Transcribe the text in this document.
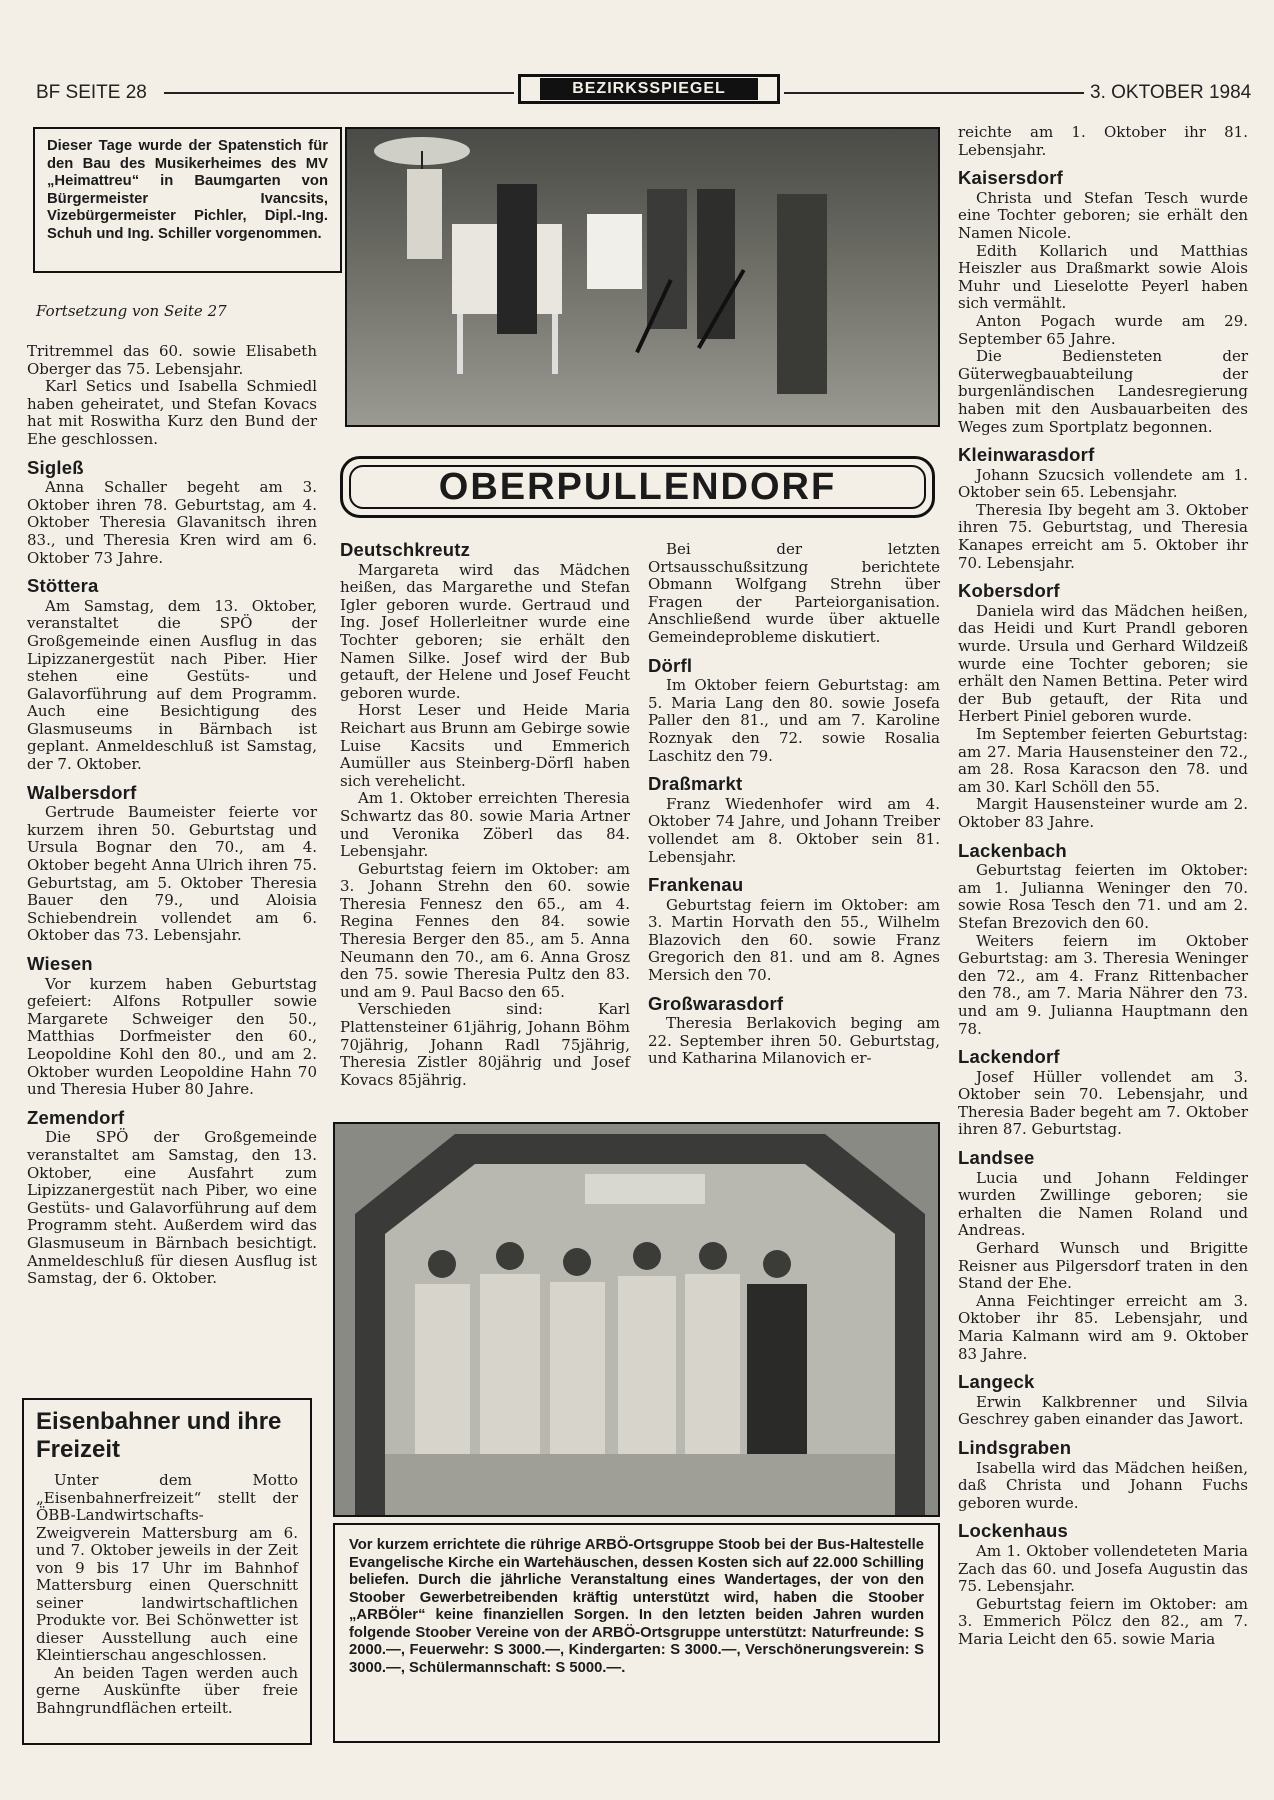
BF SEITE 28	BEZIRKSSPIEGEL	3. OKTOBER 1984
Dieser Tage wurde der Spatenstich für den Bau des Musikerheimes des MV „Heimattreu“ in Baumgarten von Bürgermeister Ivancsits, Vizebürgermeister Pichler, Dipl.-Ing. Schuh und Ing. Schiller vorgenommen.
Fortsetzung von Seite 27

Tritremmel das 60. sowie Elisabeth Oberger das 75. Lebensjahr.

Karl Setics und Isabella Schmiedl haben geheiratet, und Stefan Kovacs hat mit Roswitha Kurz den Bund der Ehe geschlossen.

Sigleß

Anna Schaller begeht am 3. Oktober ihren 78. Geburtstag, am 4. Oktober Theresia Glavanitsch ihren 83., und Theresia Kren wird am 6. Oktober 73 Jahre.

Stöttera

Am Samstag, dem 13. Oktober, veranstaltet die SPÖ der Großgemeinde einen Ausflug in das Lipizzanergestüt nach Piber. Hier stehen eine Gestüts- und Galavorführung auf dem Programm. Auch eine Besichtigung des Glasmuseums in Bärnbach ist geplant. Anmeldeschluß ist Samstag, der 7. Oktober.

Walbersdorf

Gertrude Baumeister feierte vor kurzem ihren 50. Geburtstag und Ursula Bognar den 70., am 4. Oktober begeht Anna Ulrich ihren 75. Geburtstag, am 5. Oktober Theresia Bauer den 79., und Aloisia Schiebendrein vollendet am 6. Oktober das 73. Lebensjahr.

Wiesen

Vor kurzem haben Geburtstag gefeiert: Alfons Rotpuller sowie Margarete Schweiger den 50., Matthias Dorfmeister den 60., Leopoldine Kohl den 80., und am 2. Oktober wurden Leopoldine Hahn 70 und Theresia Huber 80 Jahre.

Zemendorf

Die SPÖ der Großgemeinde veranstaltet am Samstag, den 13. Oktober, eine Ausfahrt zum Lipizzanergestüt nach Piber, wo eine Gestüts- und Galavorführung auf dem Programm steht. Außerdem wird das Glasmuseum in Bärnbach besichtigt. Anmeldeschluß für diesen Ausflug ist Samstag, der 6. Oktober.

Eisenbahner und ihre Freizeit

Unter dem Motto „Eisenbahnerfreizeit“ stellt der ÖBB-Landwirtschafts-Zweigverein Mattersburg am 6. und 7. Oktober jeweils in der Zeit von 9 bis 17 Uhr im Bahnhof Mattersburg einen Querschnitt seiner landwirtschaftlichen Produkte vor. Bei Schönwetter ist dieser Ausstellung auch eine Kleintierschau angeschlossen.

An beiden Tagen werden auch gerne Auskünfte über freie Bahngrundflächen erteilt.

OBERPULLENDORF
Deutschkreutz

Margareta wird das Mädchen heißen, das Margarethe und Stefan Igler geboren wurde. Gertraud und Ing. Josef Hollerleitner wurde eine Tochter geboren; sie erhält den Namen Silke. Josef wird der Bub getauft, der Helene und Josef Feucht geboren wurde.

Horst Leser und Heide Maria Reichart aus Brunn am Gebirge sowie Luise Kacsits und Emmerich Aumüller aus Steinberg-Dörfl haben sich verehelicht.

Am 1. Oktober erreichten Theresia Schwartz das 80. sowie Maria Artner und Veronika Zöberl das 84. Lebensjahr.

Geburtstag feiern im Oktober: am 3. Johann Strehn den 60. sowie Theresia Fennesz den 65., am 4. Regina Fennes den 84. sowie Theresia Berger den 85., am 5. Anna Neumann den 70., am 6. Anna Grosz den 75. sowie Theresia Pultz den 83. und am 9. Paul Bacso den 65.

Verschieden sind: Karl Plattensteiner 61jährig, Johann Böhm 70jährig, Johann Radl 75jährig, Theresia Zistler 80jährig und Josef Kovacs 85jährig.

Bei der letzten Ortsausschußsitzung berichtete Obmann Wolfgang Strehn über Fragen der Parteiorganisation. Anschließend wurde über aktuelle Gemeindeprobleme diskutiert.

Dörfl

Im Oktober feiern Geburtstag: am 5. Maria Lang den 80. sowie Josefa Paller den 81., und am 7. Karoline Roznyak den 72. sowie Rosalia Laschitz den 79.

Draßmarkt

Franz Wiedenhofer wird am 4. Oktober 74 Jahre, und Johann Treiber vollendet am 8. Oktober sein 81. Lebensjahr.

Frankenau

Geburtstag feiern im Oktober: am 3. Martin Horvath den 55., Wilhelm Blazovich den 60. sowie Franz Gregorich den 81. und am 8. Agnes Mersich den 70.

Großwarasdorf

Theresia Berlakovich beging am 22. September ihren 50. Geburtstag, und Katharina Milanovich er-

Vor kurzem errichtete die rührige ARBÖ-Ortsgruppe Stoob bei der Bus-Haltestelle Evangelische Kirche ein Wartehäuschen, dessen Kosten sich auf 22.000 Schilling beliefen. Durch die jährliche Veranstaltung eines Wandertages, der von den Stoober Gewerbetreibenden kräftig unterstützt wird, haben die Stoober „ARBÖler“ keine finanziellen Sorgen. In den letzten beiden Jahren wurden folgende Stoober Vereine von der ARBÖ-Ortsgruppe unterstützt: Naturfreunde: S 2000.—, Feuerwehr: S 3000.—, Kindergarten: S 3000.—, Verschönerungsverein: S 3000.—, Schülermannschaft: S 5000.—.

reichte am 1. Oktober ihr 81. Lebensjahr.

Kaisersdorf

Christa und Stefan Tesch wurde eine Tochter geboren; sie erhält den Namen Nicole.

Edith Kollarich und Matthias Heiszler aus Draßmarkt sowie Alois Muhr und Lieselotte Peyerl haben sich vermählt.

Anton Pogach wurde am 29. September 65 Jahre.

Die Bediensteten der Güterwegbauabteilung der burgenländischen Landesregierung haben mit den Ausbauarbeiten des Weges zum Sportplatz begonnen.

Kleinwarasdorf

Johann Szucsich vollendete am 1. Oktober sein 65. Lebensjahr.

Theresia Iby begeht am 3. Oktober ihren 75. Geburtstag, und Theresia Kanapes erreicht am 5. Oktober ihr 70. Lebensjahr.

Kobersdorf

Daniela wird das Mädchen heißen, das Heidi und Kurt Prandl geboren wurde. Ursula und Gerhard Wildzeiß wurde eine Tochter geboren; sie erhält den Namen Bettina. Peter wird der Bub getauft, der Rita und Herbert Piniel geboren wurde.

Im September feierten Geburtstag: am 27. Maria Hausensteiner den 72., am 28. Rosa Karacson den 78. und am 30. Karl Schöll den 55.

Margit Hausensteiner wurde am 2. Oktober 83 Jahre.

Lackenbach

Geburtstag feierten im Oktober: am 1. Julianna Weninger den 70. sowie Rosa Tesch den 71. und am 2. Stefan Brezovich den 60.

Weiters feiern im Oktober Geburtstag: am 3. Theresia Weninger den 72., am 4. Franz Rittenbacher den 78., am 7. Maria Nährer den 73. und am 9. Julianna Hauptmann den 78.

Lackendorf

Josef Hüller vollendet am 3. Oktober sein 70. Lebensjahr, und Theresia Bader begeht am 7. Oktober ihren 87. Geburtstag.

Landsee

Lucia und Johann Feldinger wurden Zwillinge geboren; sie erhalten die Namen Roland und Andreas.

Gerhard Wunsch und Brigitte Reisner aus Pilgersdorf traten in den Stand der Ehe.

Anna Feichtinger erreicht am 3. Oktober ihr 85. Lebensjahr, und Maria Kalmann wird am 9. Oktober 83 Jahre.

Langeck

Erwin Kalkbrenner und Silvia Geschrey gaben einander das Jawort.

Lindsgraben

Isabella wird das Mädchen heißen, daß Christa und Johann Fuchs geboren wurde.

Lockenhaus

Am 1. Oktober vollendeteten Maria Zach das 60. und Josefa Augustin das 75. Lebensjahr.

Geburtstag feiern im Oktober: am 3. Emmerich Pölcz den 82., am 7. Maria Leicht den 65. sowie Maria
